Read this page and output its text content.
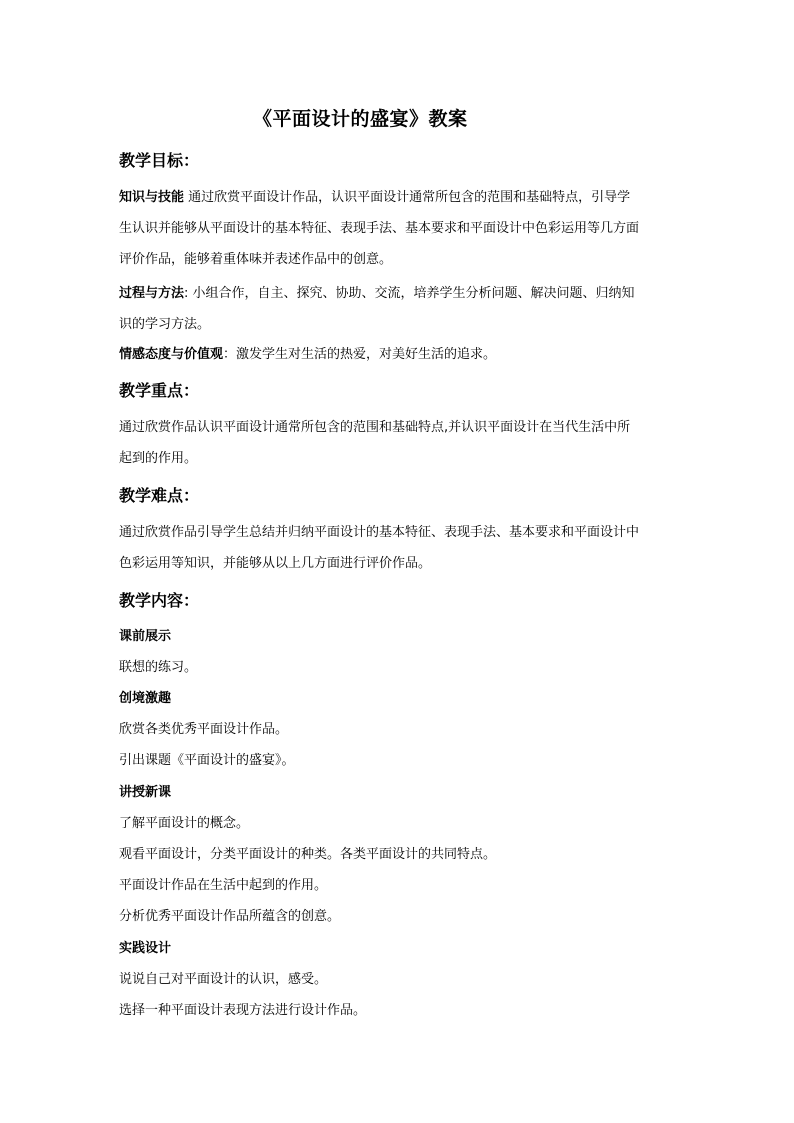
《平面设计的盛宴》教案
教学目标：
知识与技能 通过欣赏平面设计作品，认识平面设计通常所包含的范围和基础特点，引导学
生认识并能够从平面设计的基本特征、表现手法、基本要求和平面设计中色彩运用等几方面
评价作品，能够着重体味并表述作品中的创意。
过程与方法: 小组合作，自主、探究、协助、交流，培养学生分析问题、解决问题、归纳知
识的学习方法。
情感态度与价值观：激发学生对生活的热爱，对美好生活的追求。
教学重点：
通过欣赏作品认识平面设计通常所包含的范围和基础特点,并认识平面设计在当代生活中所
起到的作用。
教学难点：
通过欣赏作品引导学生总结并归纳平面设计的基本特征、表现手法、基本要求和平面设计中
色彩运用等知识，并能够从以上几方面进行评价作品。
教学内容：
课前展示
联想的练习。
创境激趣
欣赏各类优秀平面设计作品。
引出课题《平面设计的盛宴》。
讲授新课
了解平面设计的概念。
观看平面设计，分类平面设计的种类。各类平面设计的共同特点。
平面设计作品在生活中起到的作用。
分析优秀平面设计作品所蕴含的创意。
实践设计
说说自己对平面设计的认识，感受。
选择一种平面设计表现方法进行设计作品。
